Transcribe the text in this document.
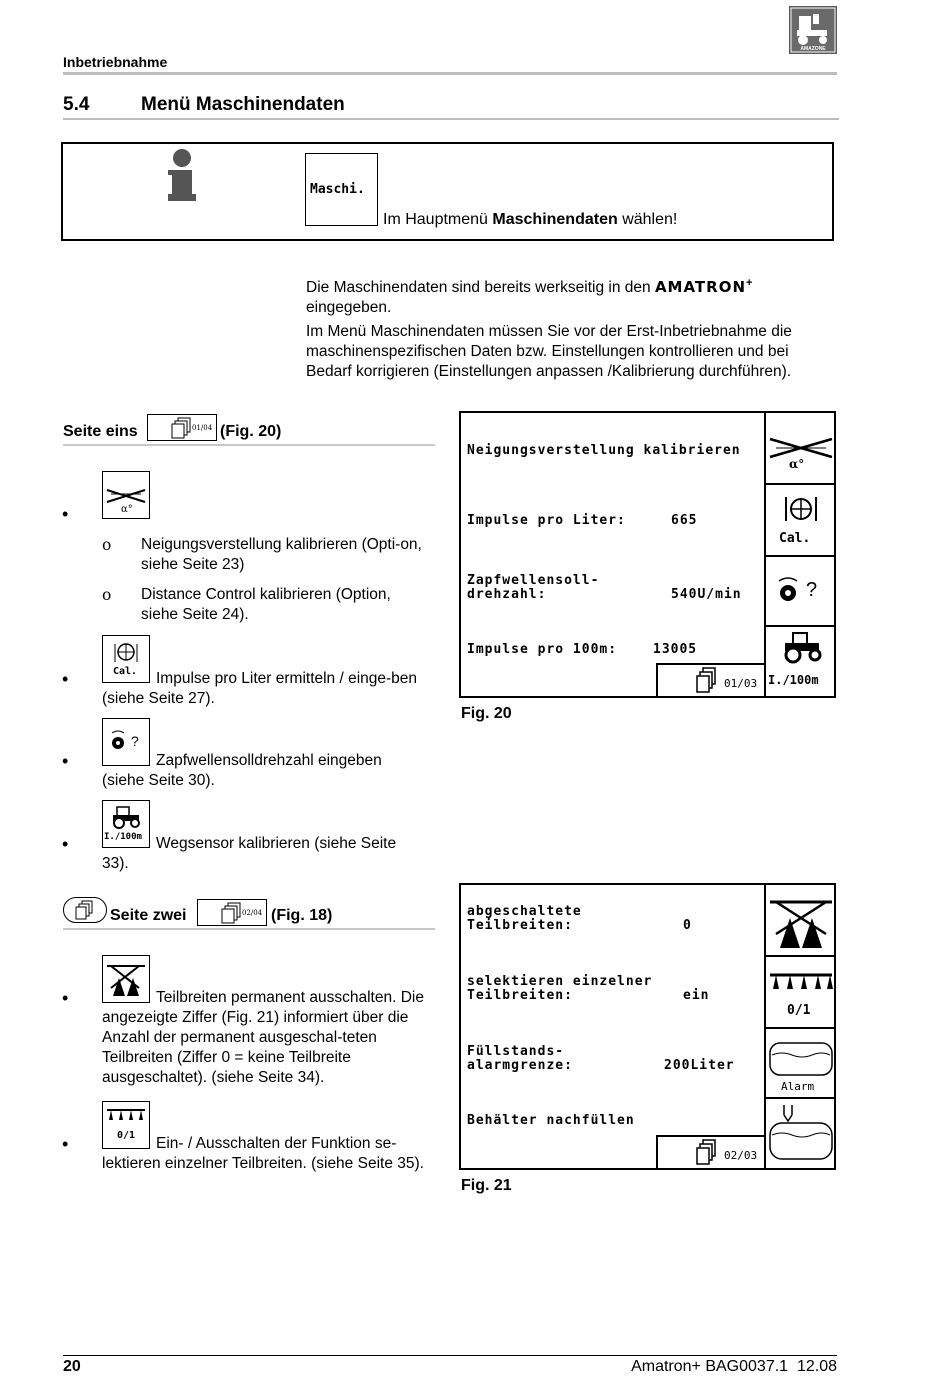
Inbetriebnahme
AMAZONE
5.4	Menü Maschinendaten
Maschi.
Im Hauptmenü Maschinendaten wählen!
Die Maschinendaten sind bereits werkseitig in den AMATRON+
eingegeben.
Im Menü Maschinendaten müssen Sie vor der Erst-Inbetriebnahme die maschinenspezifischen Daten bzw. Einstellungen kontrollieren und bei Bedarf korrigieren (Einstellungen anpassen /Kalibrierung durchführen).
Seite eins	01/04 (Fig. 20)
•	α°
o Neigungsverstellung kalibrieren (Opti-on, siehe Seite 23)
o Distance Control kalibrieren (Option, siehe Seite 24).
•	Cal.	Impulse pro Liter ermitteln / einge-ben (siehe Seite 27).
•
?
Zapfwellensolldrehzahl eingeben (siehe Seite 30).
•	I./100m Wegsensor kalibrieren (siehe Seite 33).
Seite zwei	02/04 (Fig. 18)
•	Teilbreiten permanent ausschalten. Die angezeigte Ziffer (Fig. 21) informiert über die Anzahl der permanent ausgeschal-teten Teilbreiten (Ziffer 0 = keine Teilbreite ausgeschaltet). (siehe Seite 34).
•	0/1	Ein- / Ausschalten der Funktion se-lektieren einzelner Teilbreiten. (siehe Seite 35).
Neigungsverstellung kalibrieren
Impulse pro Liter:	665
Zapfwellensoll-
drehzahl:	540U/min
Impulse pro 100m:	13005
01/03
α°
Cal.
?
I./100m
Fig. 20
abgeschaltete
Teilbreiten:	0
selektieren einzelner
Teilbreiten:	ein
Füllstands-
alarmgrenze:	200Liter
Behälter nachfüllen
02/03
0/1
Alarm
Fig. 21
20	Amatron+ BAG0037.1  12.08
